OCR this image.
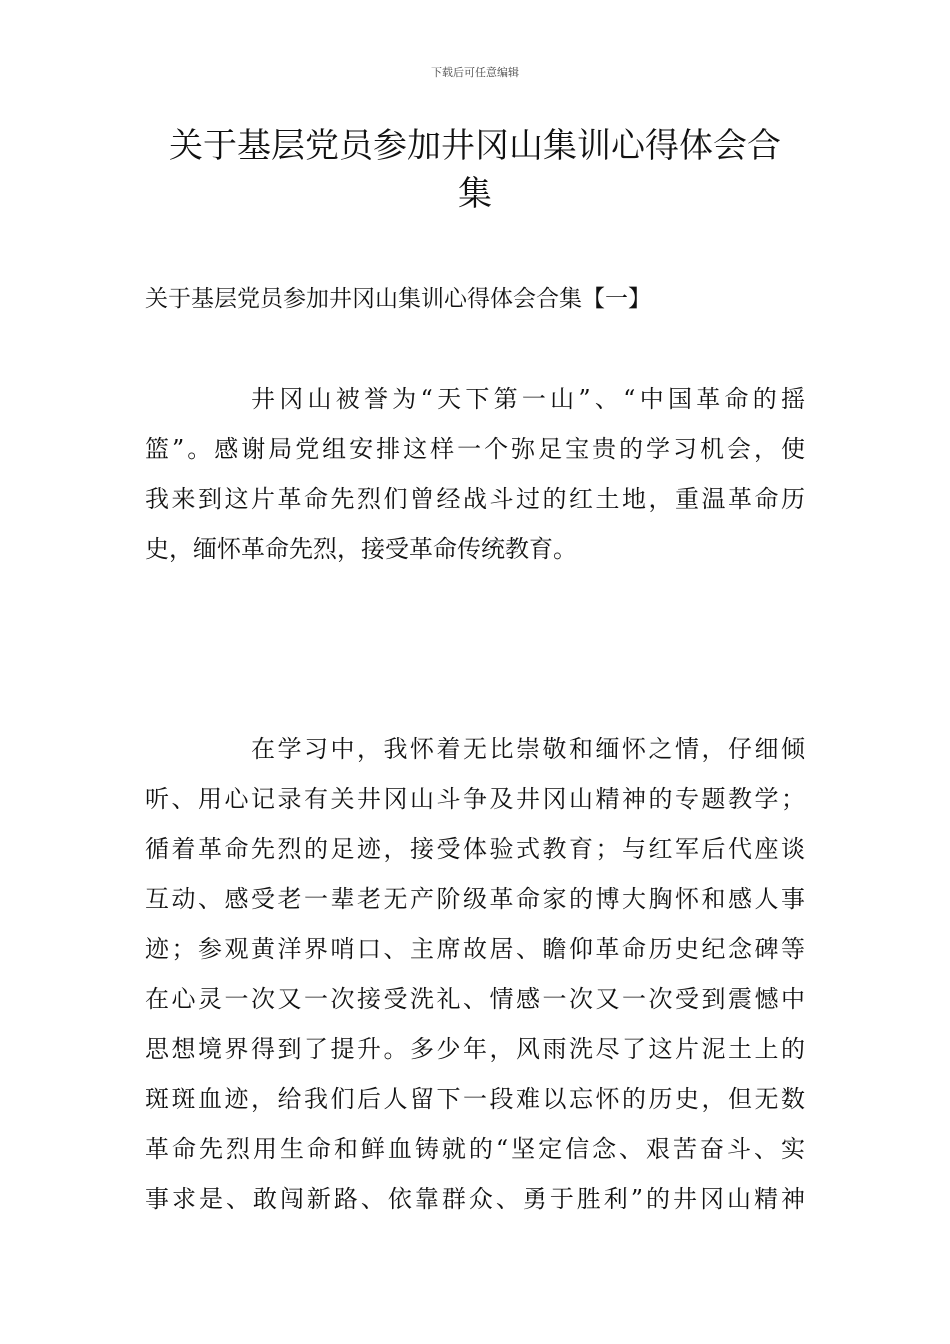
下载后可任意编辑
关于基层党员参加井冈山集训心得体会合
集
关于基层党员参加井冈山集训心得体会合集【一】
井冈山被誉为“天下第一山”、“中国革命的摇
篮”。感谢局党组安排这样一个弥足宝贵的学习机会，使
我来到这片革命先烈们曾经战斗过的红土地，重温革命历
史，缅怀革命先烈，接受革命传统教育。
在学习中，我怀着无比崇敬和缅怀之情，仔细倾
听、用心记录有关井冈山斗争及井冈山精神的专题教学；
循着革命先烈的足迹，接受体验式教育；与红军后代座谈
互动、感受老一辈老无产阶级革命家的博大胸怀和感人事
迹；参观黄洋界哨口、主席故居、瞻仰革命历史纪念碑等
在心灵一次又一次接受洗礼、情感一次又一次受到震憾中
思想境界得到了提升。多少年，风雨洗尽了这片泥土上的
斑斑血迹，给我们后人留下一段难以忘怀的历史，但无数
革命先烈用生命和鲜血铸就的“坚定信念、艰苦奋斗、实
事求是、敢闯新路、依靠群众、勇于胜利”的井冈山精神
